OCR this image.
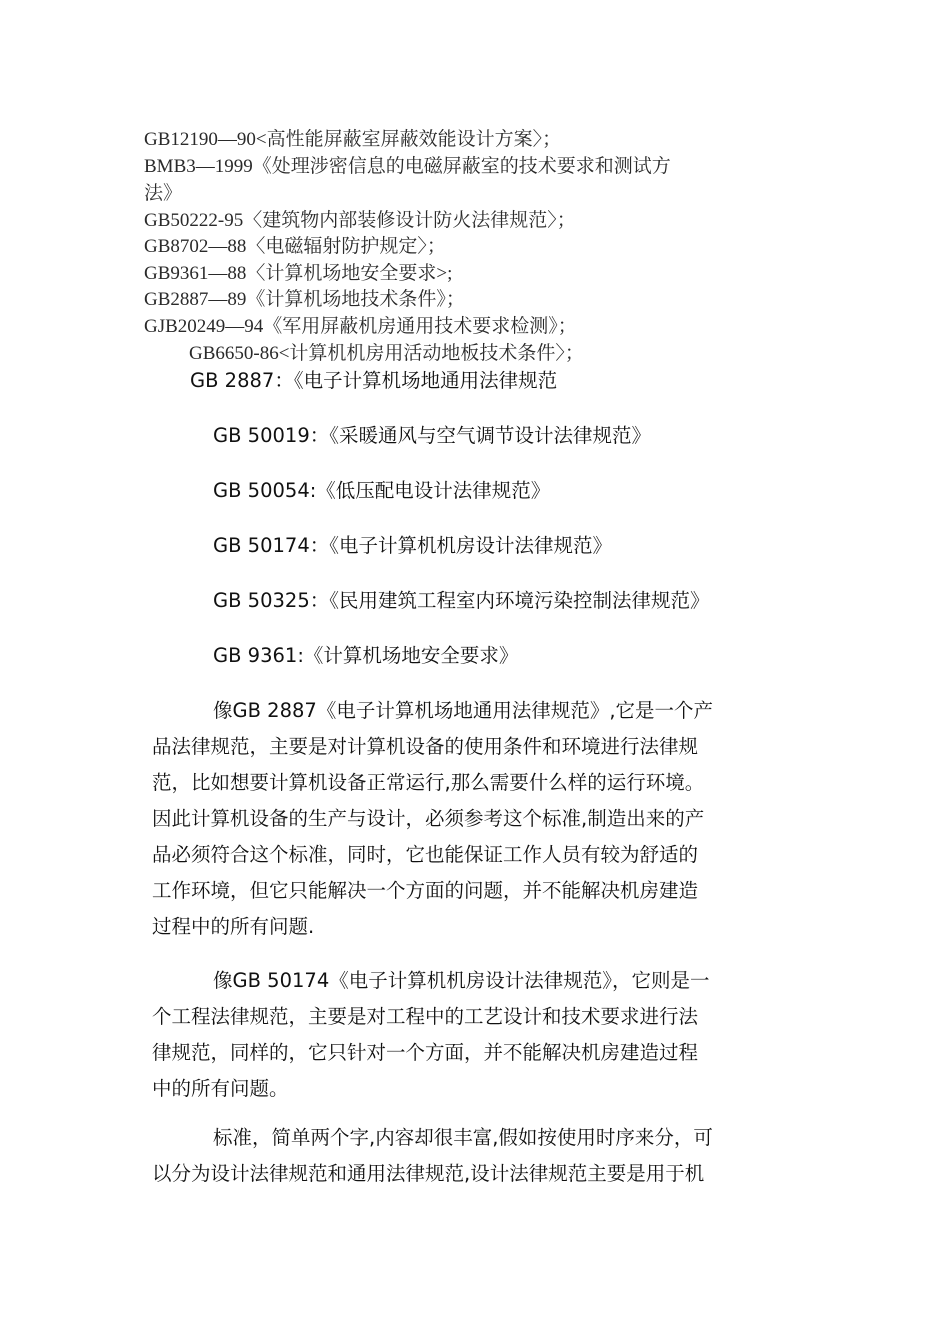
GB12190—90<高性能屏蔽室屏蔽效能设计方案〉；
BMB3—1999《处理涉密信息的电磁屏蔽室的技术要求和测试方
法》
GB50222-95〈建筑物内部装修设计防火法律规范〉；
GB8702—88〈电磁辐射防护规定〉；
GB9361—88〈计算机场地安全要求>;
GB2887—89《计算机场地技术条件》；
GJB20249—94《军用屏蔽机房通用技术要求检测》；
GB6650-86<计算机机房用活动地板技术条件〉；
GB 2887：《电子计算机场地通用法律规范
GB 50019：《采暖通风与空气调节设计法律规范》
GB 50054:《低压配电设计法律规范》
GB 50174：《电子计算机机房设计法律规范》
GB 50325：《民用建筑工程室内环境污染控制法律规范》
GB 9361:《计算机场地安全要求》
像GB 2887《电子计算机场地通用法律规范》,它是一个产
品法律规范，主要是对计算机设备的使用条件和环境进行法律规
范，比如想要计算机设备正常运行,那么需要什么样的运行环境。
因此计算机设备的生产与设计，必须参考这个标准,制造出来的产
品必须符合这个标准，同时，它也能保证工作人员有较为舒适的
工作环境，但它只能解决一个方面的问题，并不能解决机房建造
过程中的所有问题.
像GB 50174《电子计算机机房设计法律规范》，它则是一
个工程法律规范，主要是对工程中的工艺设计和技术要求进行法
律规范，同样的，它只针对一个方面，并不能解决机房建造过程
中的所有问题。
标准，简单两个字,内容却很丰富,假如按使用时序来分，可
以分为设计法律规范和通用法律规范,设计法律规范主要是用于机
